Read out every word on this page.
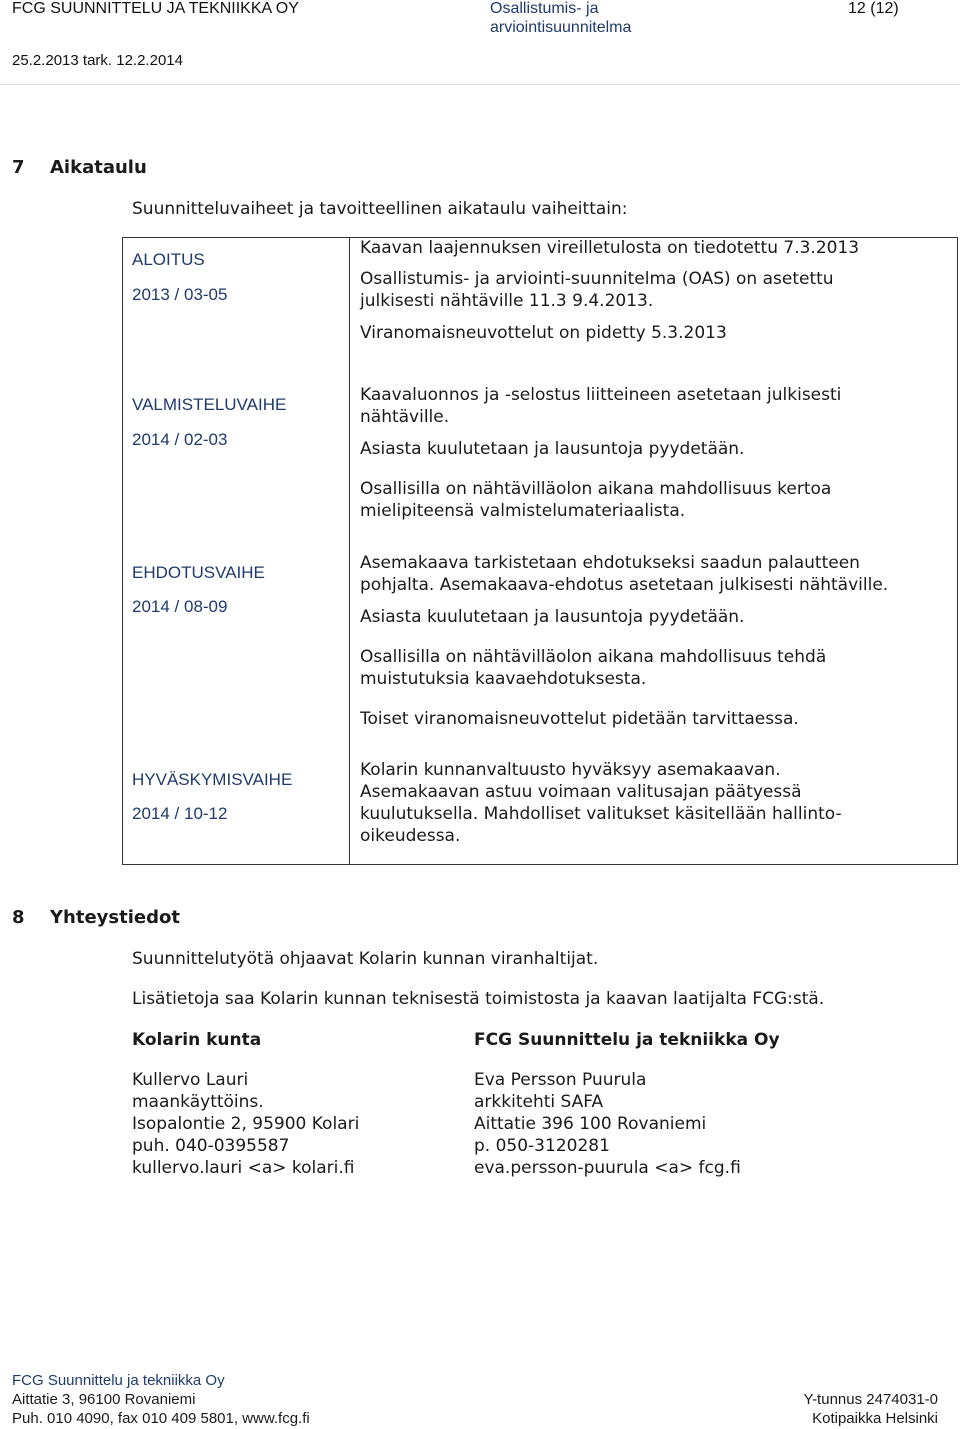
FCG SUUNNITTELU JA TEKNIIKKA OY	Osallistumis- ja
arviointisuunnitelma
12 (12)
25.2.2013 tark. 12.2.2014
7 Aikataulu
Suunnitteluvaiheet ja tavoitteellinen aikataulu vaiheittain:
ALOITUS
2013 / 03-05
Kaavan laajennuksen vireilletulosta on tiedotettu 7.3.2013
Osallistumis- ja arviointi-suunnitelma (OAS) on asetettu
julkisesti nähtäville 11.3 9.4.2013.
Viranomaisneuvottelut on pidetty 5.3.2013
VALMISTELUVAIHE
2014 / 02-03
Kaavaluonnos ja -selostus liitteineen asetetaan julkisesti
nähtäville.
Asiasta kuulutetaan ja lausuntoja pyydetään.
Osallisilla on nähtävilläolon aikana mahdollisuus kertoa
mielipiteensä valmistelumateriaalista.
EHDOTUSVAIHE
2014 / 08-09
Asemakaava tarkistetaan ehdotukseksi saadun palautteen
pohjalta. Asemakaava-ehdotus asetetaan julkisesti nähtäville.
Asiasta kuulutetaan ja lausuntoja pyydetään.
Osallisilla on nähtävilläolon aikana mahdollisuus tehdä
muistutuksia kaavaehdotuksesta.
Toiset viranomaisneuvottelut pidetään tarvittaessa.
HYVÄSKYMISVAIHE
2014 / 10-12
Kolarin kunnanvaltuusto hyväksyy asemakaavan.
Asemakaavan astuu voimaan valitusajan päätyessä
kuulutuksella. Mahdolliset valitukset käsitellään hallinto-
oikeudessa.
8 Yhteystiedot
Suunnittelutyötä ohjaavat Kolarin kunnan viranhaltijat.
Lisätietoja saa Kolarin kunnan teknisestä toimistosta ja kaavan laatijalta FCG:stä.
Kolarin kunta
Kullervo Lauri
maankäyttöins.
Isopalontie 2, 95900 Kolari
puh. 040-0395587
kullervo.lauri <a> kolari.fi
FCG Suunnittelu ja tekniikka Oy
Eva Persson Puurula
arkkitehti SAFA
Aittatie 396 100 Rovaniemi
p. 050-3120281
eva.persson-puurula <a> fcg.fi
FCG Suunnittelu ja tekniikka Oy
Aittatie 3, 96100 Rovaniemi
Puh. 010 4090, fax 010 409 5801, www.fcg.fi
Y-tunnus 2474031-0
Kotipaikka Helsinki
